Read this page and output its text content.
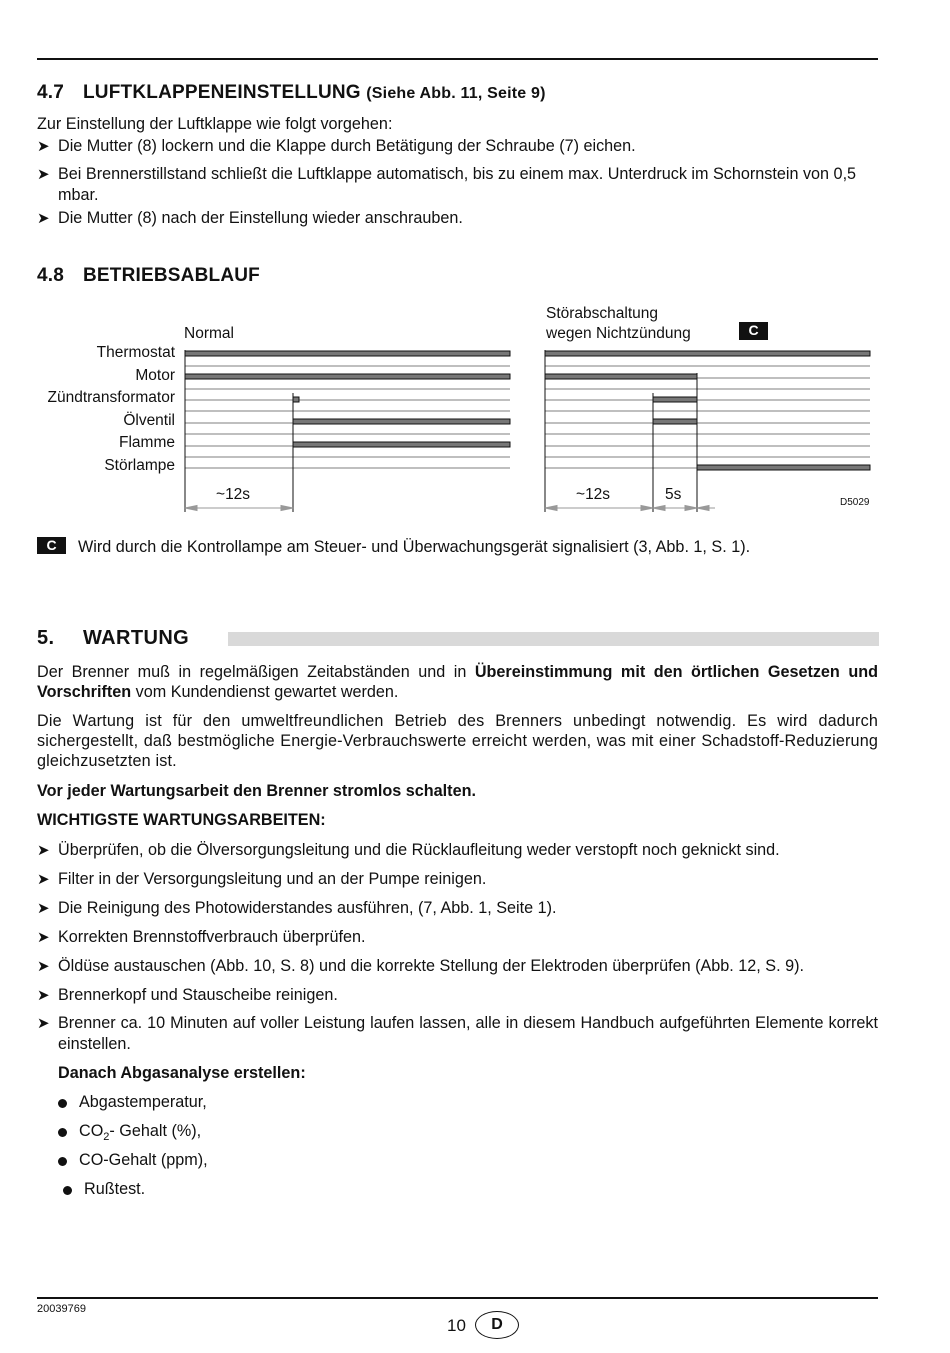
4.7 LUFTKLAPPENEINSTELLUNG (Siehe Abb. 11, Seite 9)
Zur Einstellung der Luftklappe wie folgt vorgehen:
➤ Die Mutter (8) lockern und die Klappe durch Betätigung der Schraube (7) eichen.
➤ Bei Brennerstillstand schließt die Luftklappe automatisch, bis zu einem max. Unterdruck im Schornstein von 0,5 mbar.
➤ Die Mutter (8) nach der Einstellung wieder anschrauben.
4.8 BETRIEBSABLAUF
Normal
Störabschaltung
wegen Nichtzündung	C
Thermostat
Motor
Zündtransformator
Ölventil
Flamme
Störlampe
~12s	~12s	5s	D5029
C	Wird durch die Kontrollampe am Steuer- und Überwachungsgerät signalisiert (3, Abb. 1, S. 1).
5. WARTUNG
Der Brenner muß in regelmäßigen Zeitabständen und in Übereinstimmung mit den örtlichen Gesetzen und Vorschriften vom Kundendienst gewartet werden.
Die Wartung ist für den umweltfreundlichen Betrieb des Brenners unbedingt notwendig. Es wird dadurch sichergestellt, daß bestmögliche Energie-Verbrauchswerte erreicht werden, was mit einer Schadstoff-Reduzierung gleichzusetzten ist.
Vor jeder Wartungsarbeit den Brenner stromlos schalten.
WICHTIGSTE WARTUNGSARBEITEN:
➤ Überprüfen, ob die Ölversorgungsleitung und die Rücklaufleitung weder verstopft noch geknickt sind.
➤ Filter in der Versorgungsleitung und an der Pumpe reinigen.
➤ Die Reinigung des Photowiderstandes ausführen, (7, Abb. 1, Seite 1).
➤ Korrekten Brennstoffverbrauch überprüfen.
➤ Öldüse austauschen (Abb. 10, S. 8) und die korrekte Stellung der Elektroden überprüfen (Abb. 12, S. 9).
➤ Brennerkopf und Stauscheibe reinigen.
➤ Brenner ca. 10 Minuten auf voller Leistung laufen lassen, alle in diesem Handbuch aufgeführten Elemente korrekt einstellen.
Danach Abgasanalyse erstellen:
Abgastemperatur,
$CO_2-$ Gehalt (%),
CO-Gehalt (ppm),
Rußtest.
20039769
10	D
